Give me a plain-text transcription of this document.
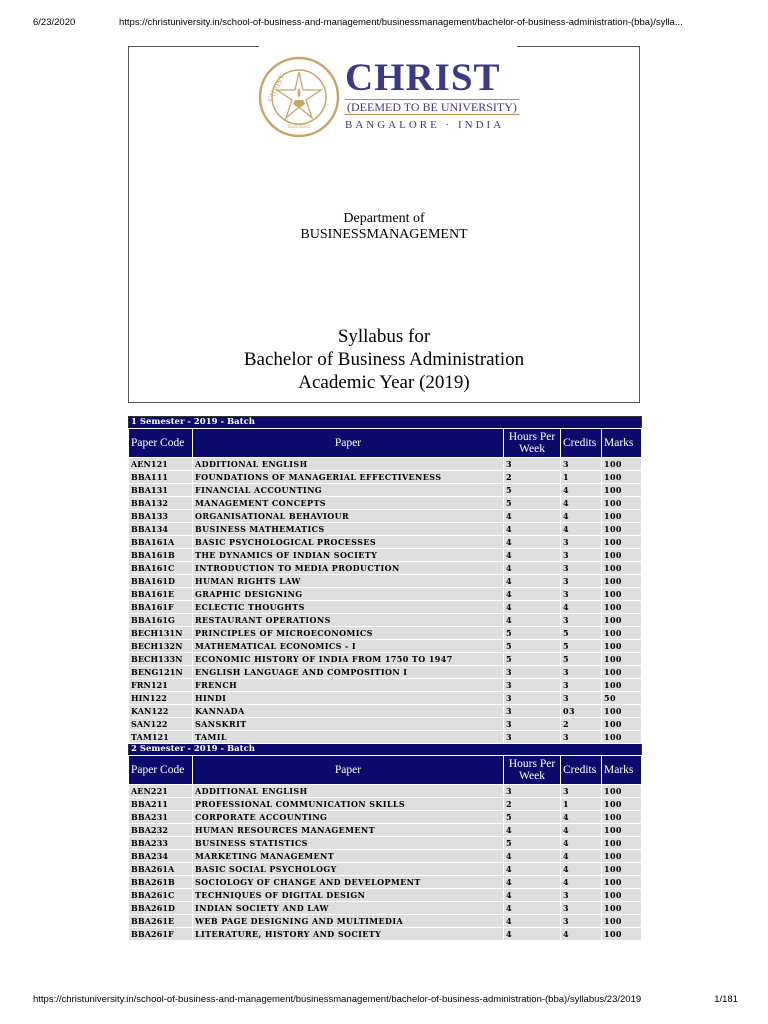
6/23/2020	https://christuniversity.in/school-of-business-and-management/businessmanagement/bachelor-of-business-administration-(bba)/sylla...
CHRIST
EXCELLENCE AND SERVICE
CHRIST
(DEEMED TO BE UNIVERSITY)
BANGALORE · INDIA
Department of
BUSINESSMANAGEMENT
Syllabus for
Bachelor of Business Administration
Academic Year (2019)
1 Semester - 2019 - Batch				
Paper Code	Paper	Hours Per Week	Credits	Marks
AEN121	ADDITIONAL ENGLISH	3	3	100
BBA111	FOUNDATIONS OF MANAGERIAL EFFECTIVENESS	2	1	100
BBA131	FINANCIAL ACCOUNTING	5	4	100
BBA132	MANAGEMENT CONCEPTS	5	4	100
BBA133	ORGANISATIONAL BEHAVIOUR	4	4	100
BBA134	BUSINESS MATHEMATICS	4	4	100
BBA161A	BASIC PSYCHOLOGICAL PROCESSES	4	3	100
BBA161B	THE DYNAMICS OF INDIAN SOCIETY	4	3	100
BBA161C	INTRODUCTION TO MEDIA PRODUCTION	4	3	100
BBA161D	HUMAN RIGHTS LAW	4	3	100
BBA161E	GRAPHIC DESIGNING	4	3	100
BBA161F	ECLECTIC THOUGHTS	4	4	100
BBA161G	RESTAURANT OPERATIONS	4	3	100
BECH131N	PRINCIPLES OF MICROECONOMICS	5	5	100
BECH132N	MATHEMATICAL ECONOMICS - I	5	5	100
BECH133N	ECONOMIC HISTORY OF INDIA FROM 1750 TO 1947	5	5	100
BENG121N	ENGLISH LANGUAGE AND COMPOSITION I	3	3	100
FRN121	FRENCH	3	3	100
HIN122	HINDI	3	3	50
KAN122	KANNADA	3	03	100
SAN122	SANSKRIT	3	2	100
TAM121	TAMIL	3	3	100
2 Semester - 2019 - Batch				
Paper Code	Paper	Hours Per Week	Credits	Marks
AEN221	ADDITIONAL ENGLISH	3	3	100
BBA211	PROFESSIONAL COMMUNICATION SKILLS	2	1	100
BBA231	CORPORATE ACCOUNTING	5	4	100
BBA232	HUMAN RESOURCES MANAGEMENT	4	4	100
BBA233	BUSINESS STATISTICS	5	4	100
BBA234	MARKETING MANAGEMENT	4	4	100
BBA261A	BASIC SOCIAL PSYCHOLOGY	4	4	100
BBA261B	SOCIOLOGY OF CHANGE AND DEVELOPMENT	4	4	100
BBA261C	TECHNIQUES OF DIGITAL DESIGN	4	3	100
BBA261D	INDIAN SOCIETY AND LAW	4	3	100
BBA261E	WEB PAGE DESIGNING AND MULTIMEDIA	4	3	100
BBA261F	LITERATURE, HISTORY AND SOCIETY	4	4	100
https://christuniversity.in/school-of-business-and-management/businessmanagement/bachelor-of-business-administration-(bba)/syllabus/23/2019	1/181
